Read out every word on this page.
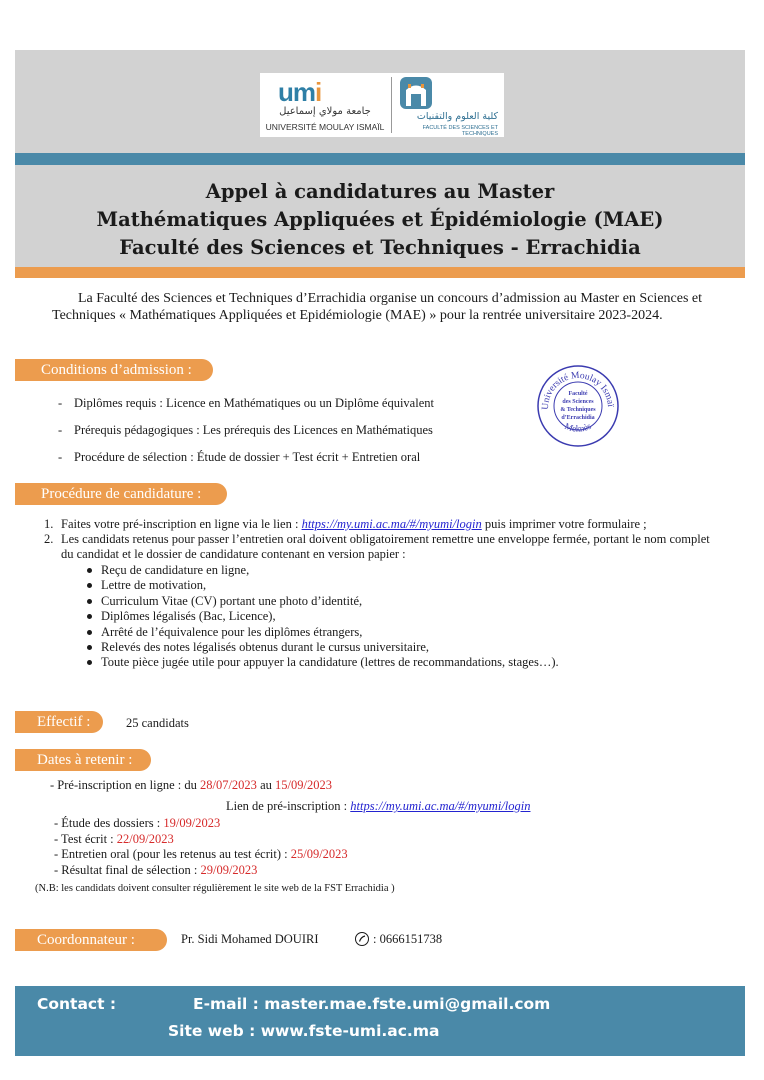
umi
جامعة مولاي إسماعيل
UNIVERSITÉ MOULAY ISMAÏL
كلية العلوم والتقنيات
FACULTÉ DES SCIENCES ET TECHNIQUES
Appel à candidatures au Master
Mathématiques Appliquées et Épidémiologie (MAE)
Faculté des Sciences et Techniques - Errachidia

La Faculté des Sciences et Techniques d’Errachidia organise un concours d’admission au Master en Sciences et Techniques « Mathématiques Appliquées et Epidémiologie (MAE) » pour la rentrée universitaire 2023-2024.

Conditions d’admission :
- Diplômes requis : Licence en Mathématiques ou un Diplôme équivalent
- Prérequis pédagogiques : Les prérequis des Licences en Mathématiques
- Procédure de sélection : Étude de dossier + Test écrit + Entretien oral
Université Moulay Ismaï
Meknès
Faculté
des Sciences
& Techniques
d’Errachidia
Procédure de candidature :
1. Faites votre pré-inscription en ligne via le lien : https://my.umi.ac.ma/#/myumi/login puis imprimer votre formulaire ;
2. Les candidats retenus pour passer l’entretien oral doivent obligatoirement remettre une enveloppe fermée, portant le nom complet du candidat et le dossier de candidature contenant en version papier :
Reçu de candidature en ligne,
Lettre de motivation,
Curriculum Vitae (CV) portant une photo d’identité,
Diplômes légalisés (Bac, Licence),
Arrêté de l’équivalence pour les diplômes étrangers,
Relevés des notes légalisés obtenus durant le cursus universitaire,
Toute pièce jugée utile pour appuyer la candidature (lettres de recommandations, stages…).
Effectif :	25 candidats
Dates à retenir :
- Pré-inscription en ligne : du 28/07/2023 au 15/09/2023
Lien de pré-inscription : https://my.umi.ac.ma/#/myumi/login
- Étude des dossiers : 19/09/2023
- Test écrit : 22/09/2023
- Entretien oral (pour les retenus au test écrit) : 25/09/2023
- Résultat final de sélection : 29/09/2023
(N.B: les candidats doivent consulter régulièrement le site web de la FST Errachidia )
Coordonnateur :	Pr. Sidi Mohamed DOUIRI	: 0666151738
Contact :	E-mail : master.mae.fste.umi@gmail.com
Site web : www.fste-umi.ac.ma
